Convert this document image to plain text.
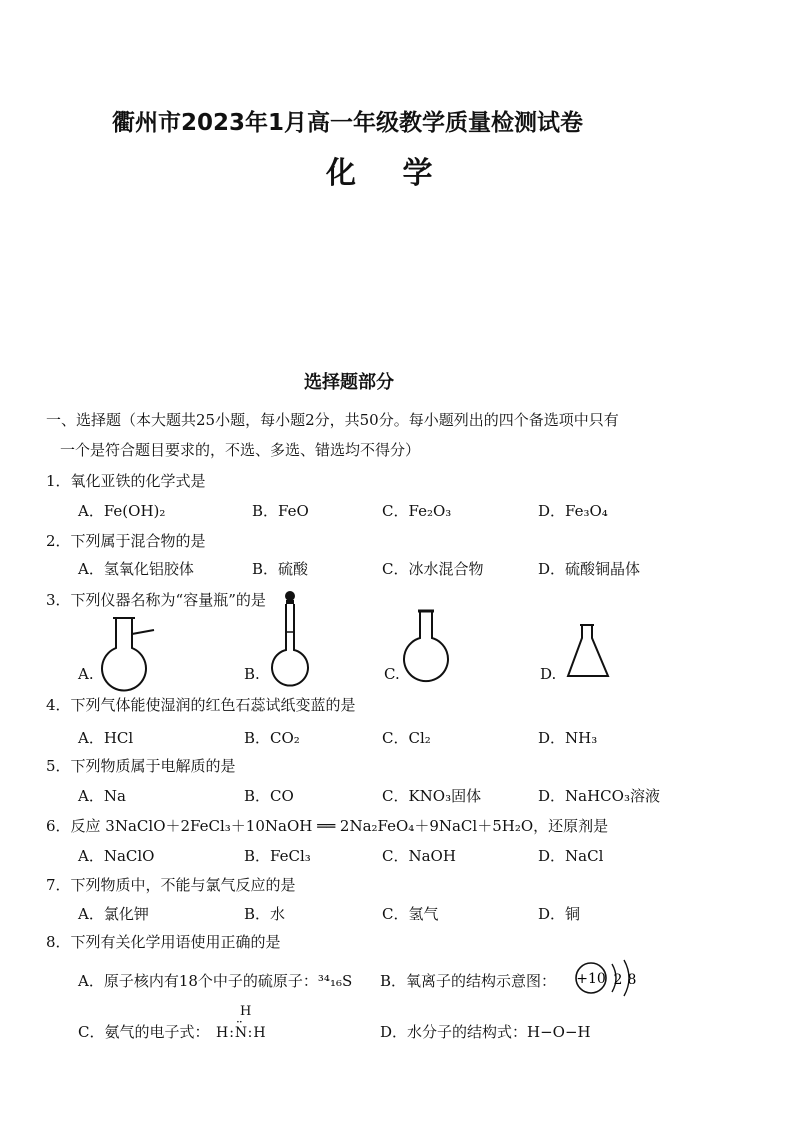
衢州市2023年1月高一年级教学质量检测试卷
化 学
选择题部分
一、选择题（本大题共25小题，每小题2分，共50分。每小题列出的四个备选项中只有
一个是符合题目要求的，不选、多选、错选均不得分）
1．氧化亚铁的化学式是
A．Fe(OH)₂	B．FeO	C．Fe₂O₃	D．Fe₃O₄
2．下列属于混合物的是
A．氢氧化铝胶体	B．硫酸	C．冰水混合物	D．硫酸铜晶体
3．下列仪器名称为“容量瓶”的是
A.	B.	C.	D.
4．下列气体能使湿润的红色石蕊试纸变蓝的是
A．HCl	B．CO₂	C．Cl₂	D．NH₃
5．下列物质属于电解质的是
A．Na	B．CO	C．KNO₃固体	D．NaHCO₃溶液
6．反应 3NaClO＋2FeCl₃＋10NaOH ══ 2Na₂FeO₄＋9NaCl＋5H₂O，还原剂是
A．NaClO	B．FeCl₃	C．NaOH	D．NaCl
7．下列物质中，不能与氯气反应的是
A．氯化钾	B．水	C．氢气	D．铜
8．下列有关化学用语使用正确的是
A．原子核内有18个中子的硫原子：³⁴₁₆S B．氧离子的结构示意图： +10 2 8
C．氨气的电子式：
H
··
H:N:H	D．水分子的结构式：H−O−H
